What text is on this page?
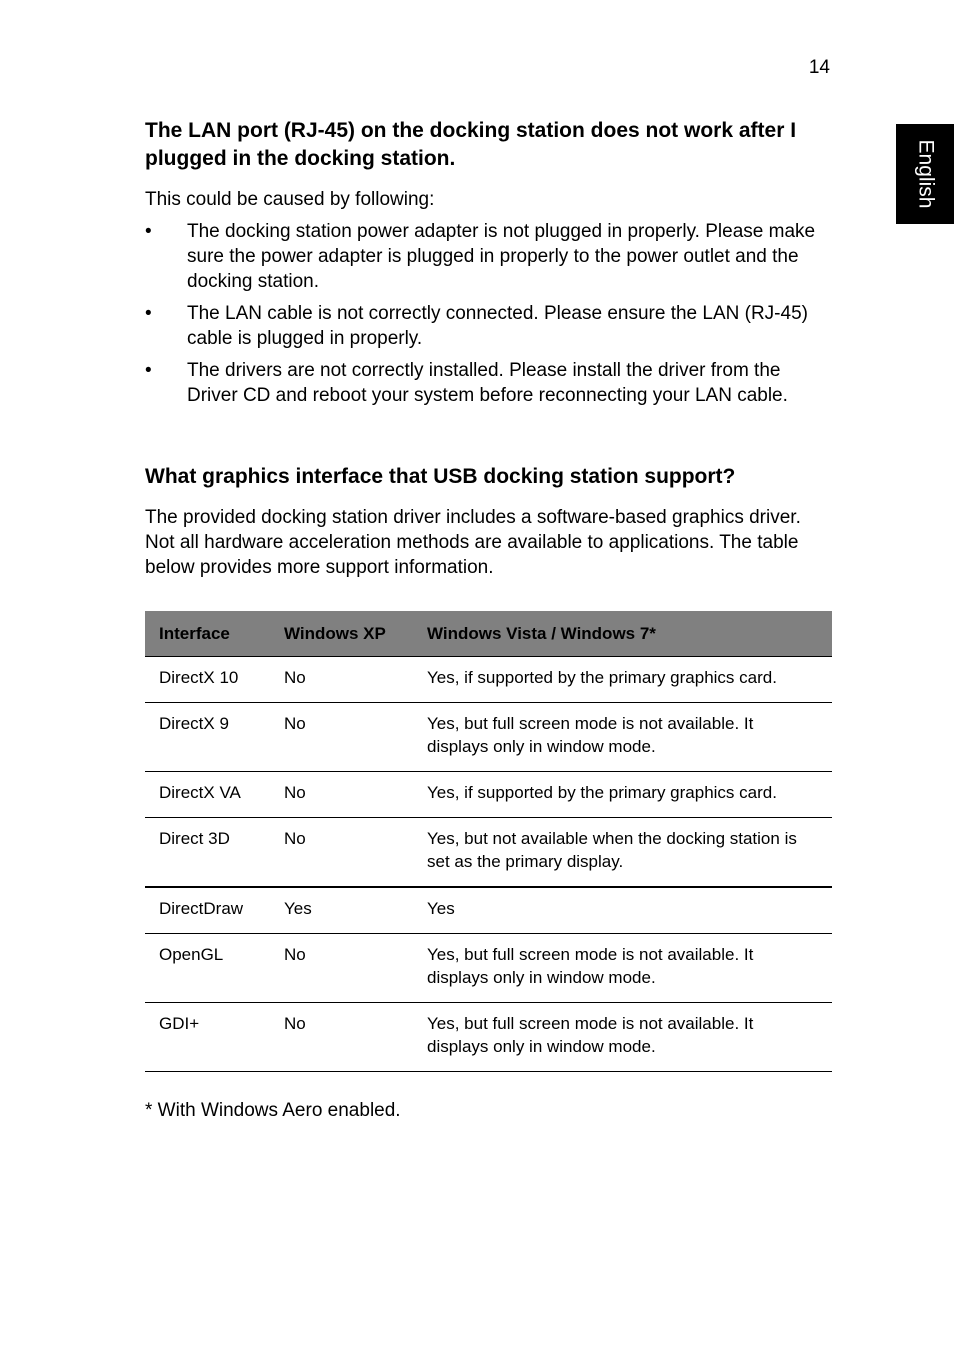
14
English
The LAN port (RJ-45) on the docking station does not work after I plugged in the docking station.

This could be caused by following:

• The docking station power adapter is not plugged in properly. Please make sure the power adapter is plugged in properly to the power outlet and the docking station.
• The LAN cable is not correctly connected. Please ensure the LAN (RJ-45) cable is plugged in properly.
• The drivers are not correctly installed. Please install the driver from the Driver CD and reboot your system before reconnecting your LAN cable.
What graphics interface that USB docking station support?

The provided docking station driver includes a software-based graphics driver. Not all hardware acceleration methods are available to applications. The table below provides more support information.

Interface	Windows XP	Windows Vista / Windows 7*
DirectX 10	No	Yes, if supported by the primary graphics card.
DirectX 9	No	Yes, but full screen mode is not available. It displays only in window mode.
DirectX VA	No	Yes, if supported by the primary graphics card.
Direct 3D	No	Yes, but not available when the docking station is set as the primary display.
DirectDraw	Yes	Yes
OpenGL	No	Yes, but full screen mode is not available. It displays only in window mode.
GDI+	No	Yes, but full screen mode is not available. It displays only in window mode.
* With Windows Aero enabled.
